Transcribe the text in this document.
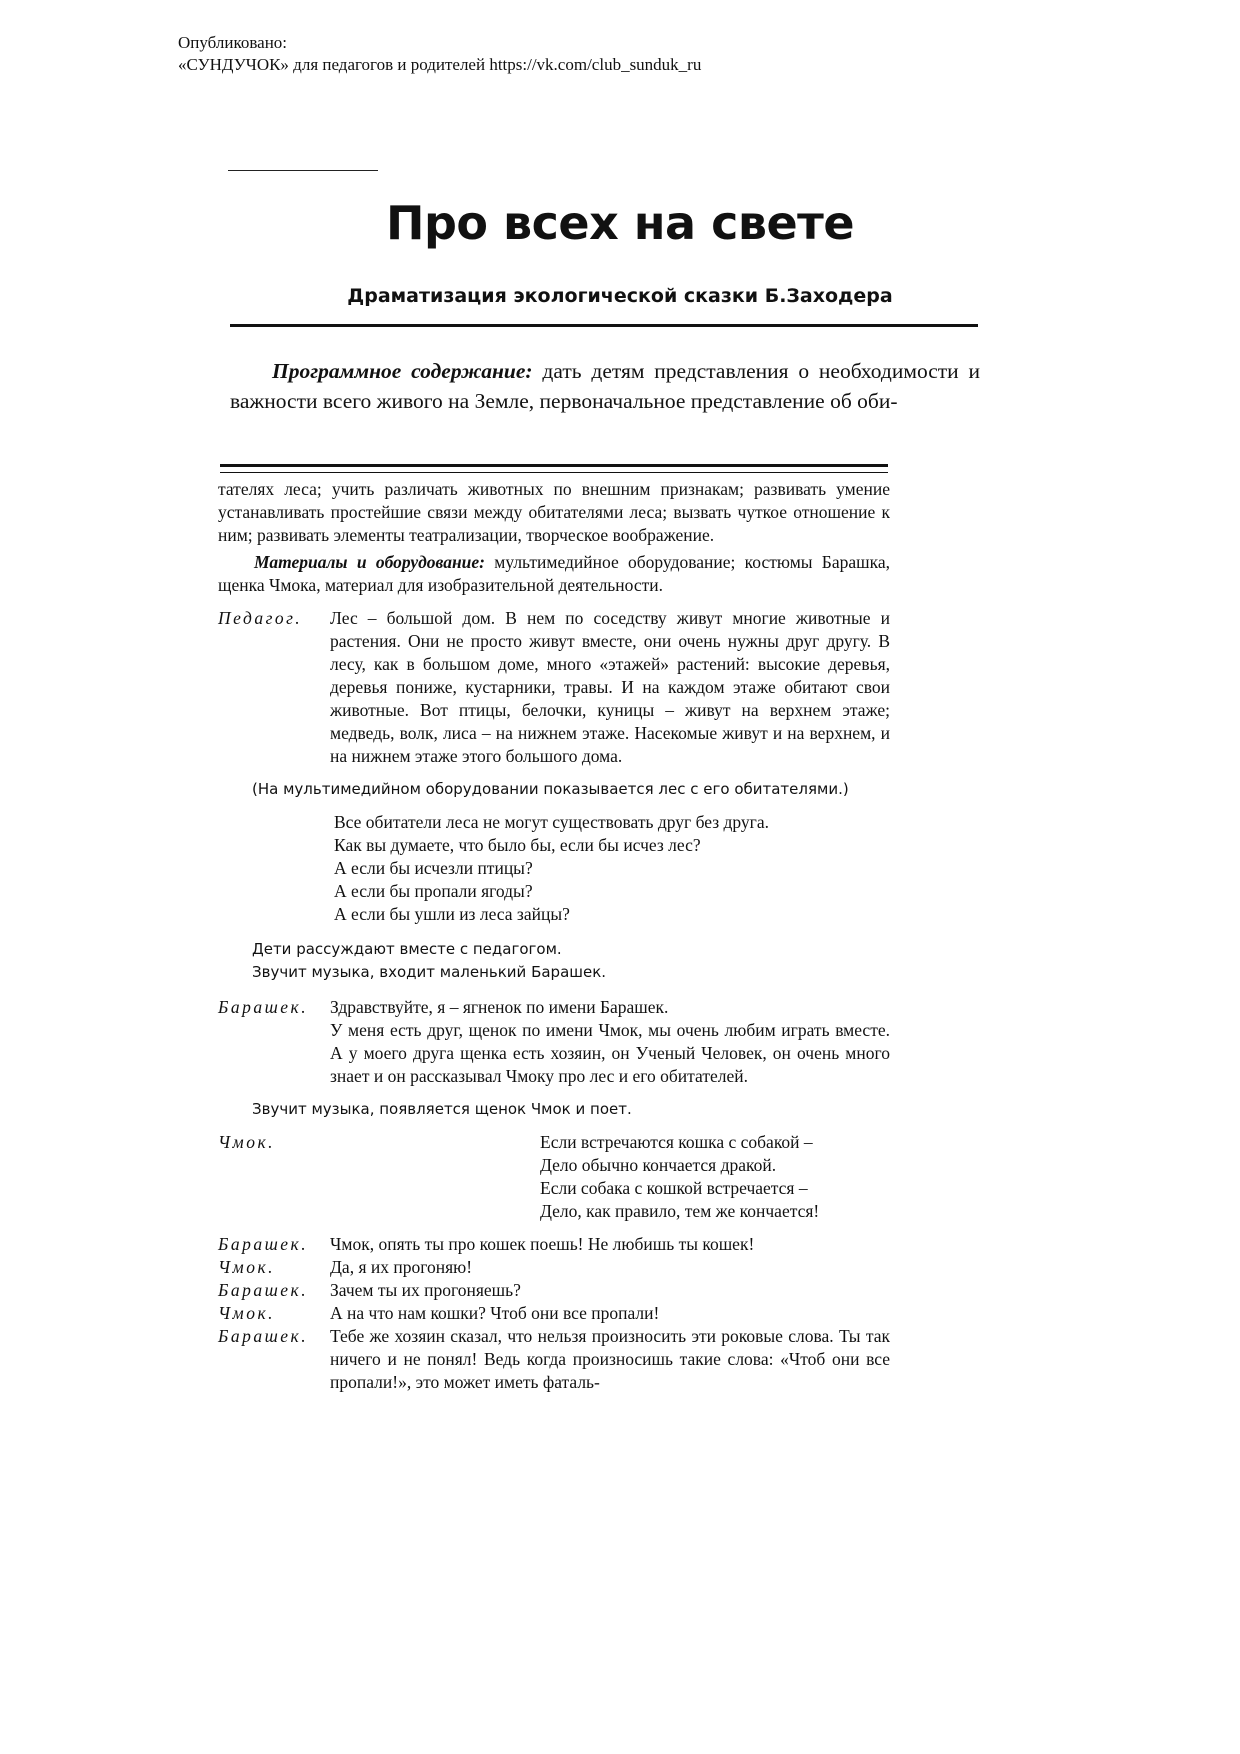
Опубликовано:
«СУНДУЧОК» для педагогов и родителей https://vk.com/club_sunduk_ru
Про всех на свете
Драматизация экологической сказки Б.Заходера

Программное содержание: дать детям представления о необходимости и важности всего живого на Земле, первоначальное представление об оби-

тателях леса; учить различать животных по внешним признакам; развивать умение устанавливать простейшие связи между обитателями леса; вызвать чуткое отношение к ним; развивать элементы театрализации, творческое воображение.

Материалы и оборудование: мультимедийное оборудование; костюмы Барашка, щенка Чмока, материал для изобразительной деятельности.

Педагог.	Лес – большой дом. В нем по соседству живут многие животные и растения. Они не просто живут вместе, они очень нужны друг другу. В лесу, как в большом доме, много «этажей» растений: высокие деревья, деревья пониже, кустарники, травы. И на каждом этаже обитают свои животные. Вот птицы, белочки, куницы – живут на верхнем этаже; медведь, волк, лиса – на нижнем этаже. Насекомые живут и на верхнем, и на нижнем этаже этого большого дома.

(На мультимедийном оборудовании показывается лес с его обитателями.)

Все обитатели леса не могут существовать друг без друга.
Как вы думаете, что было бы, если бы исчез лес?
А если бы исчезли птицы?
А если бы пропали ягоды?
А если бы ушли из леса зайцы?

Дети рассуждают вместе с педагогом.

Звучит музыка, входит маленький Барашек.

Барашек.	Здравствуйте, я – ягненок по имени Барашек.
У меня есть друг, щенок по имени Чмок, мы очень любим играть вместе. А у моего друга щенка есть хозяин, он Ученый Человек, он очень много знает и он рассказывал Чмоку про лес и его обитателей.

Звучит музыка, появляется щенок Чмок и поет.

Чмок.	Если встречаются кошка с собакой –
Дело обычно кончается дракой.
Если собака с кошкой встречается –
Дело, как правило, тем же кончается!
Барашек.	Чмок, опять ты про кошек поешь! Не любишь ты кошек!
Чмок.	Да, я их прогоняю!
Барашек.	Зачем ты их прогоняешь?
Чмок.	А на что нам кошки? Чтоб они все пропали!
Барашек.	Тебе же хозяин сказал, что нельзя произносить эти роковые слова. Ты так ничего и не понял! Ведь когда произносишь такие слова: «Чтоб они все пропали!», это может иметь фаталь-
